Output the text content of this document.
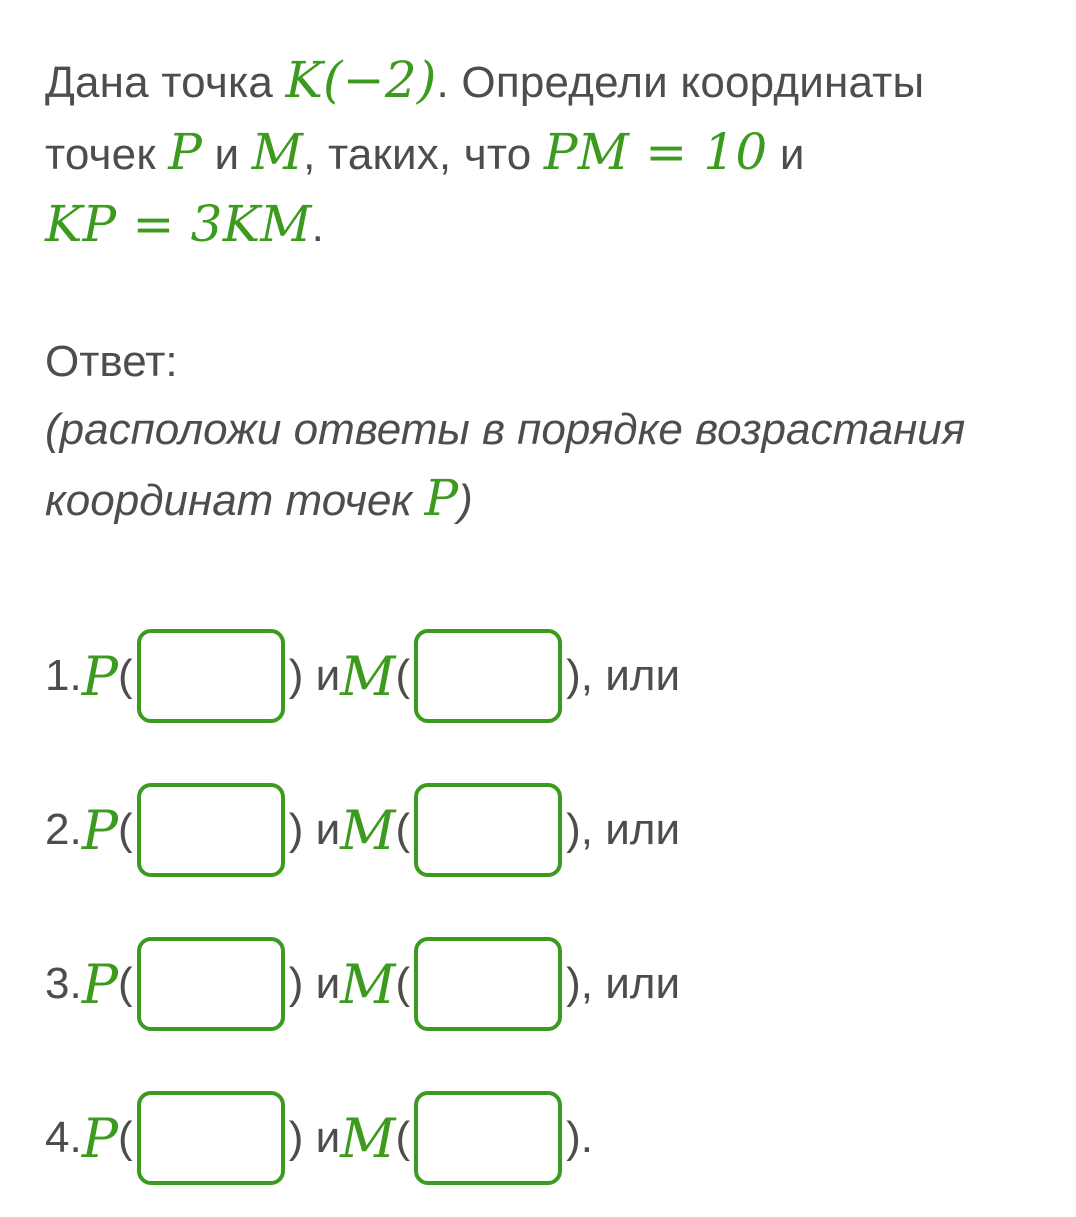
Дана точка K(−2). Определи координаты
точек P и M, таких, что PM = 10 и
KP = 3KM.
Ответ:
(расположи ответы в порядке возрастания
координат точек P)
1. P (	) и M (	), или
2. P (	) и M (	), или
3. P (	) и M (	), или
4. P (	) и M (	).
